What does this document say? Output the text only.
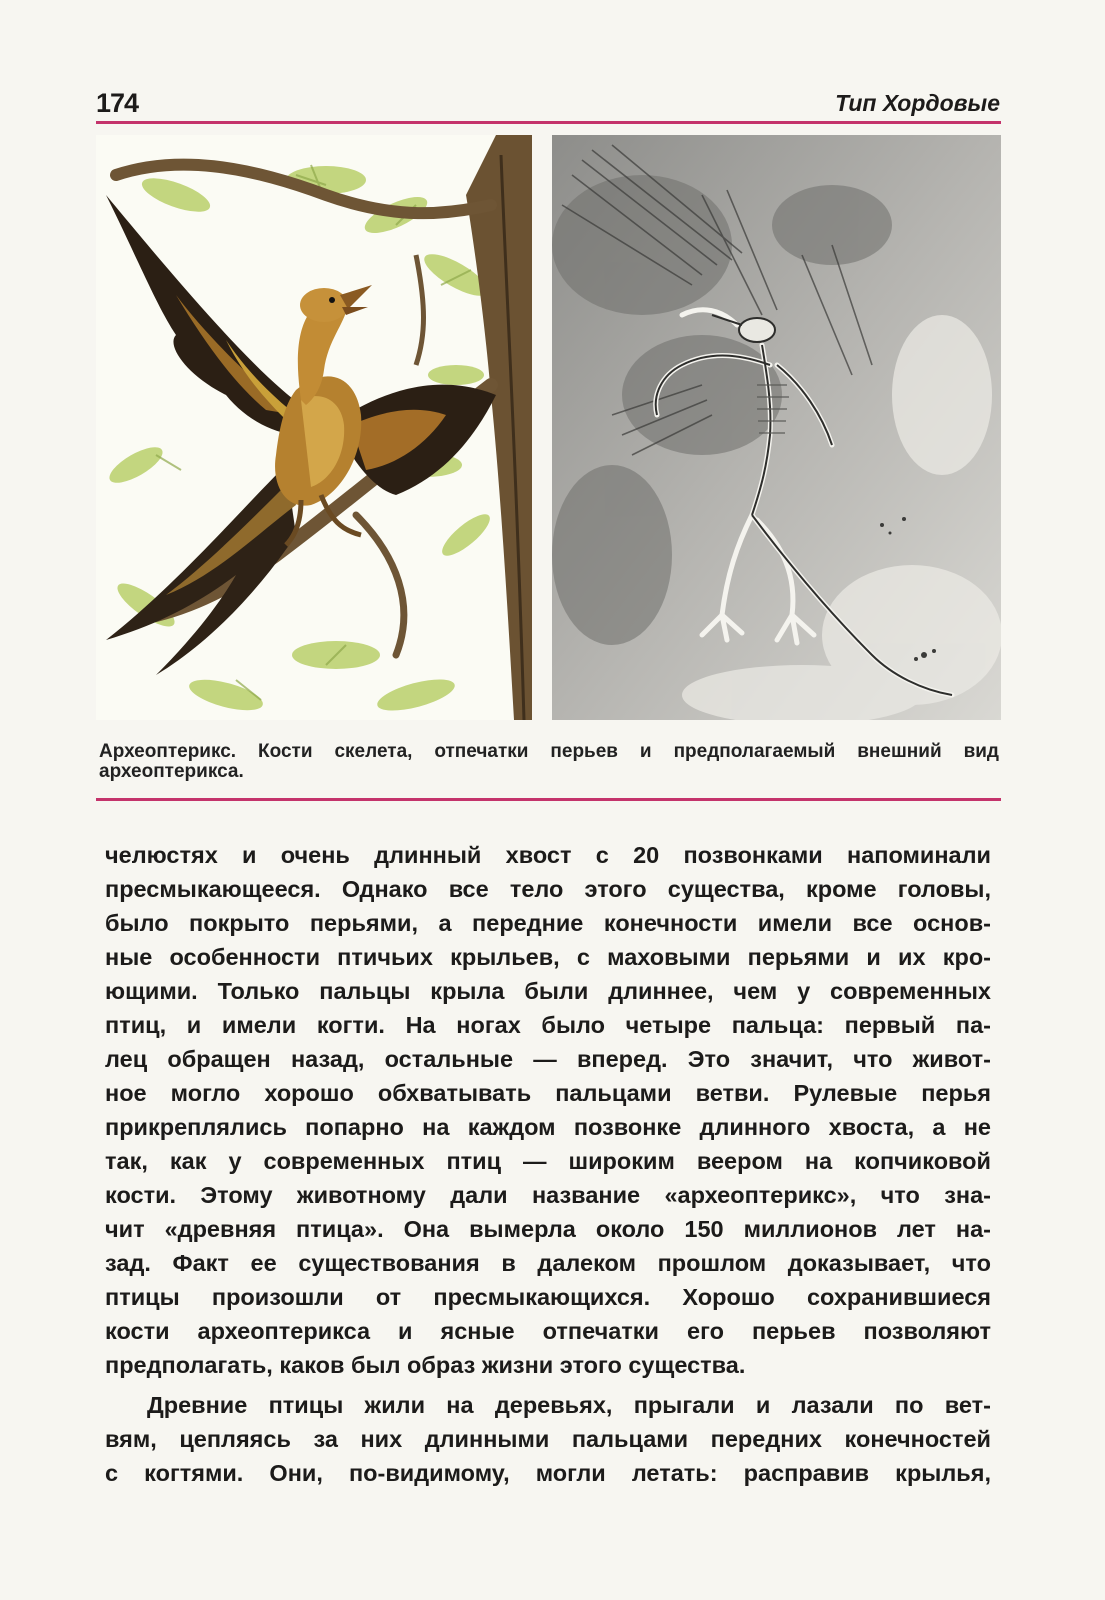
174	Тип Хордовые
Археоптерикс. Кости скелета, отпечатки перьев и предполагаемый внешний вид археоптерикса.

челюстях и очень длинный хвост с 20 позвонками напоминали
пресмыкающееся. Однако все тело этого существа, кроме головы,
было покрыто перьями, а передние конечности имели все основ-
ные особенности птичьих крыльев, с маховыми перьями и их кро-
ющими. Только пальцы крыла были длиннее, чем у современных
птиц, и имели когти. На ногах было четыре пальца: первый па-
лец обращен назад, остальные — вперед. Это значит, что живот-
ное могло хорошо обхватывать пальцами ветви. Рулевые перья
прикреплялись попарно на каждом позвонке длинного хвоста, а не
так, как у современных птиц — широким веером на копчиковой
кости. Этому животному дали название «археоптерикс», что зна-
чит «древняя птица». Она вымерла около 150 миллионов лет на-
зад. Факт ее существования в далеком прошлом доказывает, что
птицы произошли от пресмыкающихся. Хорошо сохранившиеся
кости археоптерикса и ясные отпечатки его перьев позволяют
предполагать, каков был образ жизни этого существа.

Древние птицы жили на деревьях, прыгали и лазали по вет-
вям, цепляясь за них длинными пальцами передних конечностей
с когтями. Они, по-видимому, могли летать: расправив крылья,
